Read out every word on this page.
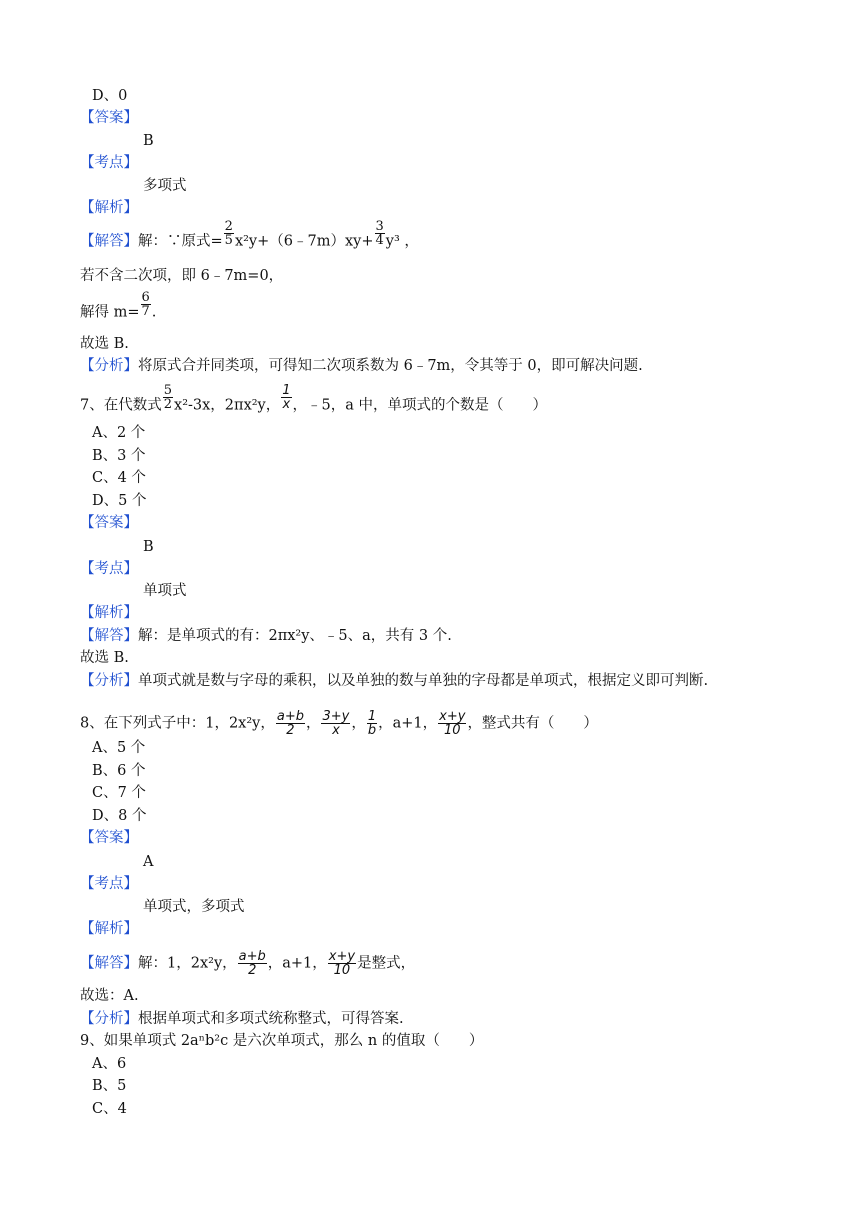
D、0
【答案】
B
【考点】
多项式
【解析】
【解答】解：∵原式= $\frac{2}{5}$ x²y+（6﹣7m）xy+ $\frac{3}{4} y^3$ ，
若不含二次项，即 6﹣7m=0，
解得 $m= \frac{6}{7}$ .
故选 B.
【分析】将原式合并同类项，可得知二次项系数为 6﹣7m，令其等于 0，即可解决问题.
7、在代数式 $\frac{5}{2} x^2-3x$，2πx²y， $\frac{1}{x}$ ，﹣5，a 中，单项式的个数是（　　）
A、2 个
B、3 个
C、4 个
D、5 个
【答案】
B
【考点】
单项式
【解析】
【解答】解：是单项式的有：2πx²y、﹣5、a，共有 3 个.
故选 B.
【分析】单项式就是数与字母的乘积，以及单独的数与单独的字母都是单项式，根据定义即可判断.
8、在下列式子中：1，2x²y， $\frac{a+b}{2}$ ， $\frac{3+y}{x}$ ， $\frac{1}{b}$ ，a+1， $\frac{x+y}{10}$ ，整式共有（　　）
A、5 个
B、6 个
C、7 个
D、8 个
【答案】
A
【考点】
单项式，多项式
【解析】
【解答】解：1，2x²y， $\frac{a+b}{2}$ ，a+1， $\frac{x+y}{10}$ 是整式，
故选：A.
【分析】根据单项式和多项式统称整式，可得答案.
9、如果单项式 2aⁿb²c 是六次单项式，那么 n 的值取（　　）
A、6
B、5
C、4
